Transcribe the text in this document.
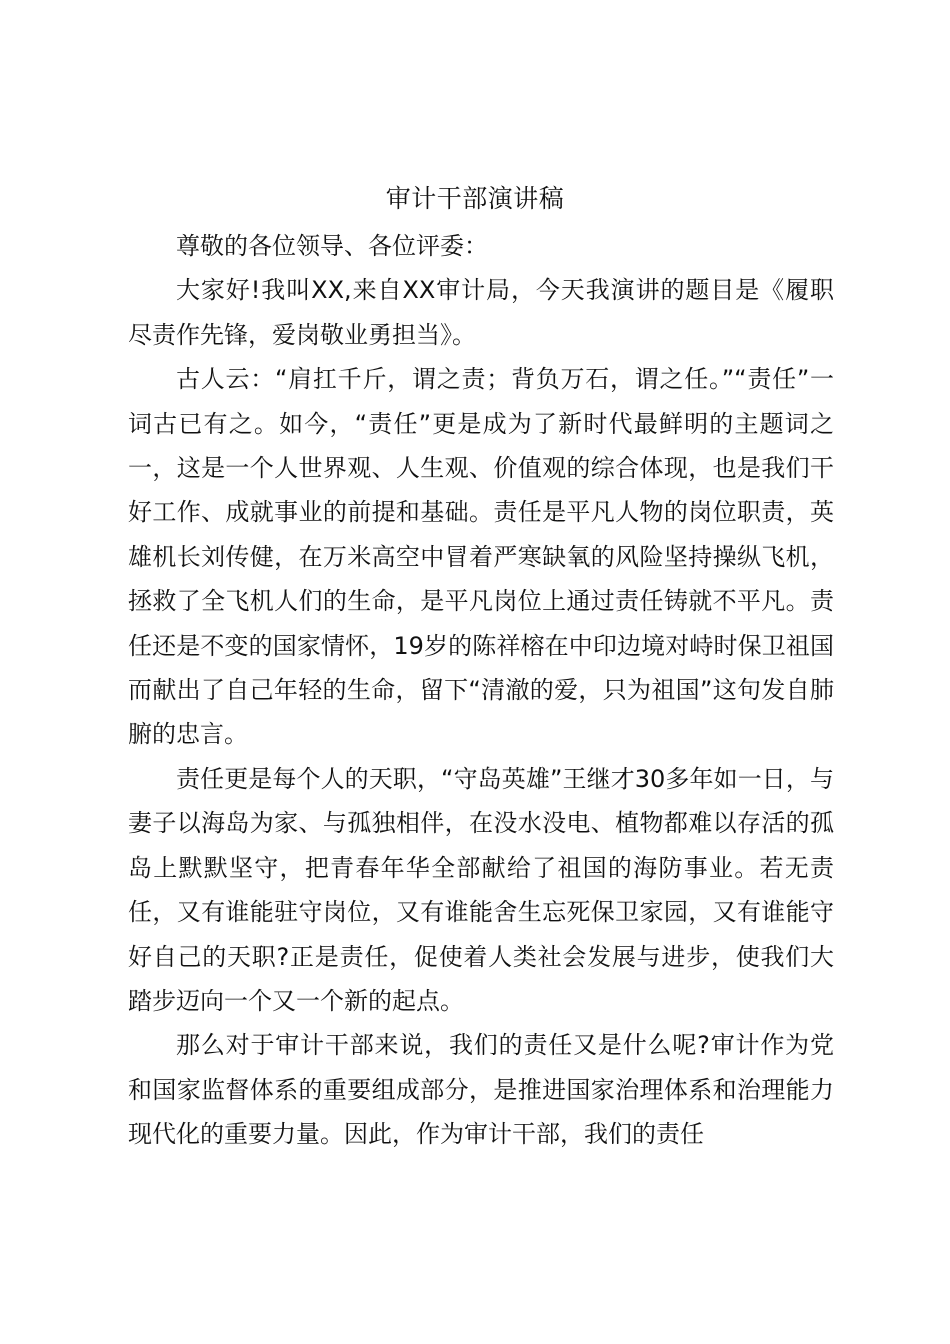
审计干部演讲稿

尊敬的各位领导、各位评委：

大家好!我叫XX,来自XX审计局，今天我演讲的题目是《履职尽责作先锋，爱岗敬业勇担当》。

古人云：“肩扛千斤，谓之责；背负万石，谓之任。”“责任”一词古已有之。如今，“责任”更是成为了新时代最鲜明的主题词之一，这是一个人世界观、人生观、价值观的综合体现，也是我们干好工作、成就事业的前提和基础。责任是平凡人物的岗位职责，英雄机长刘传健，在万米高空中冒着严寒缺氧的风险坚持操纵飞机，拯救了全飞机人们的生命，是平凡岗位上通过责任铸就不平凡。责任还是不变的国家情怀，19岁的陈祥榕在中印边境对峙时保卫祖国而献出了自己年轻的生命，留下“清澈的爱，只为祖国”这句发自肺腑的忠言。

责任更是每个人的天职，“守岛英雄”王继才30多年如一日，与妻子以海岛为家、与孤独相伴，在没水没电、植物都难以存活的孤岛上默默坚守，把青春年华全部献给了祖国的海防事业。若无责任，又有谁能驻守岗位，又有谁能舍生忘死保卫家园，又有谁能守好自己的天职?正是责任，促使着人类社会发展与进步，使我们大踏步迈向一个又一个新的起点。

那么对于审计干部来说，我们的责任又是什么呢?审计作为党和国家监督体系的重要组成部分，是推进国家治理体系和治理能力现代化的重要力量。因此，作为审计干部，我们的责任
